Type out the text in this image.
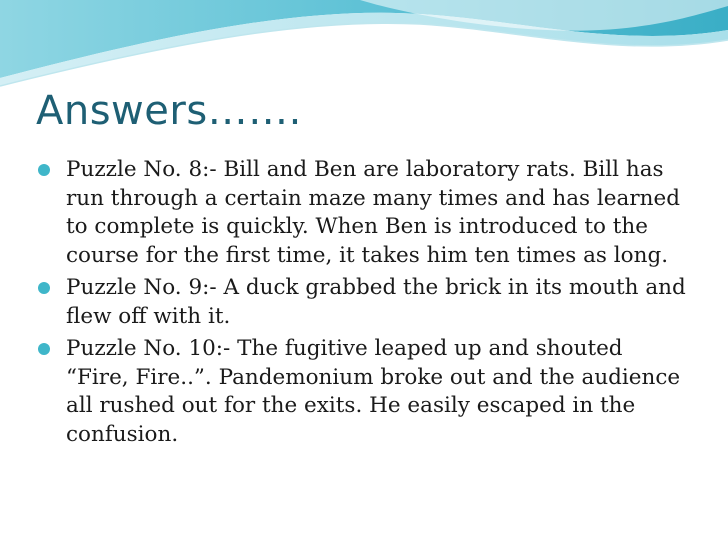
Answers…….
Puzzle No. 8:- Bill and Ben are laboratory rats. Bill has run through a certain maze many times and has learned to complete is quickly. When Ben is introduced to the course for the first time, it takes him ten times as long.
Puzzle No. 9:- A duck grabbed the brick in its mouth and flew off with it.
Puzzle No. 10:- The fugitive leaped up and shouted “Fire, Fire..”. Pandemonium broke out and the audience all rushed out for the exits. He easily escaped in the confusion.
